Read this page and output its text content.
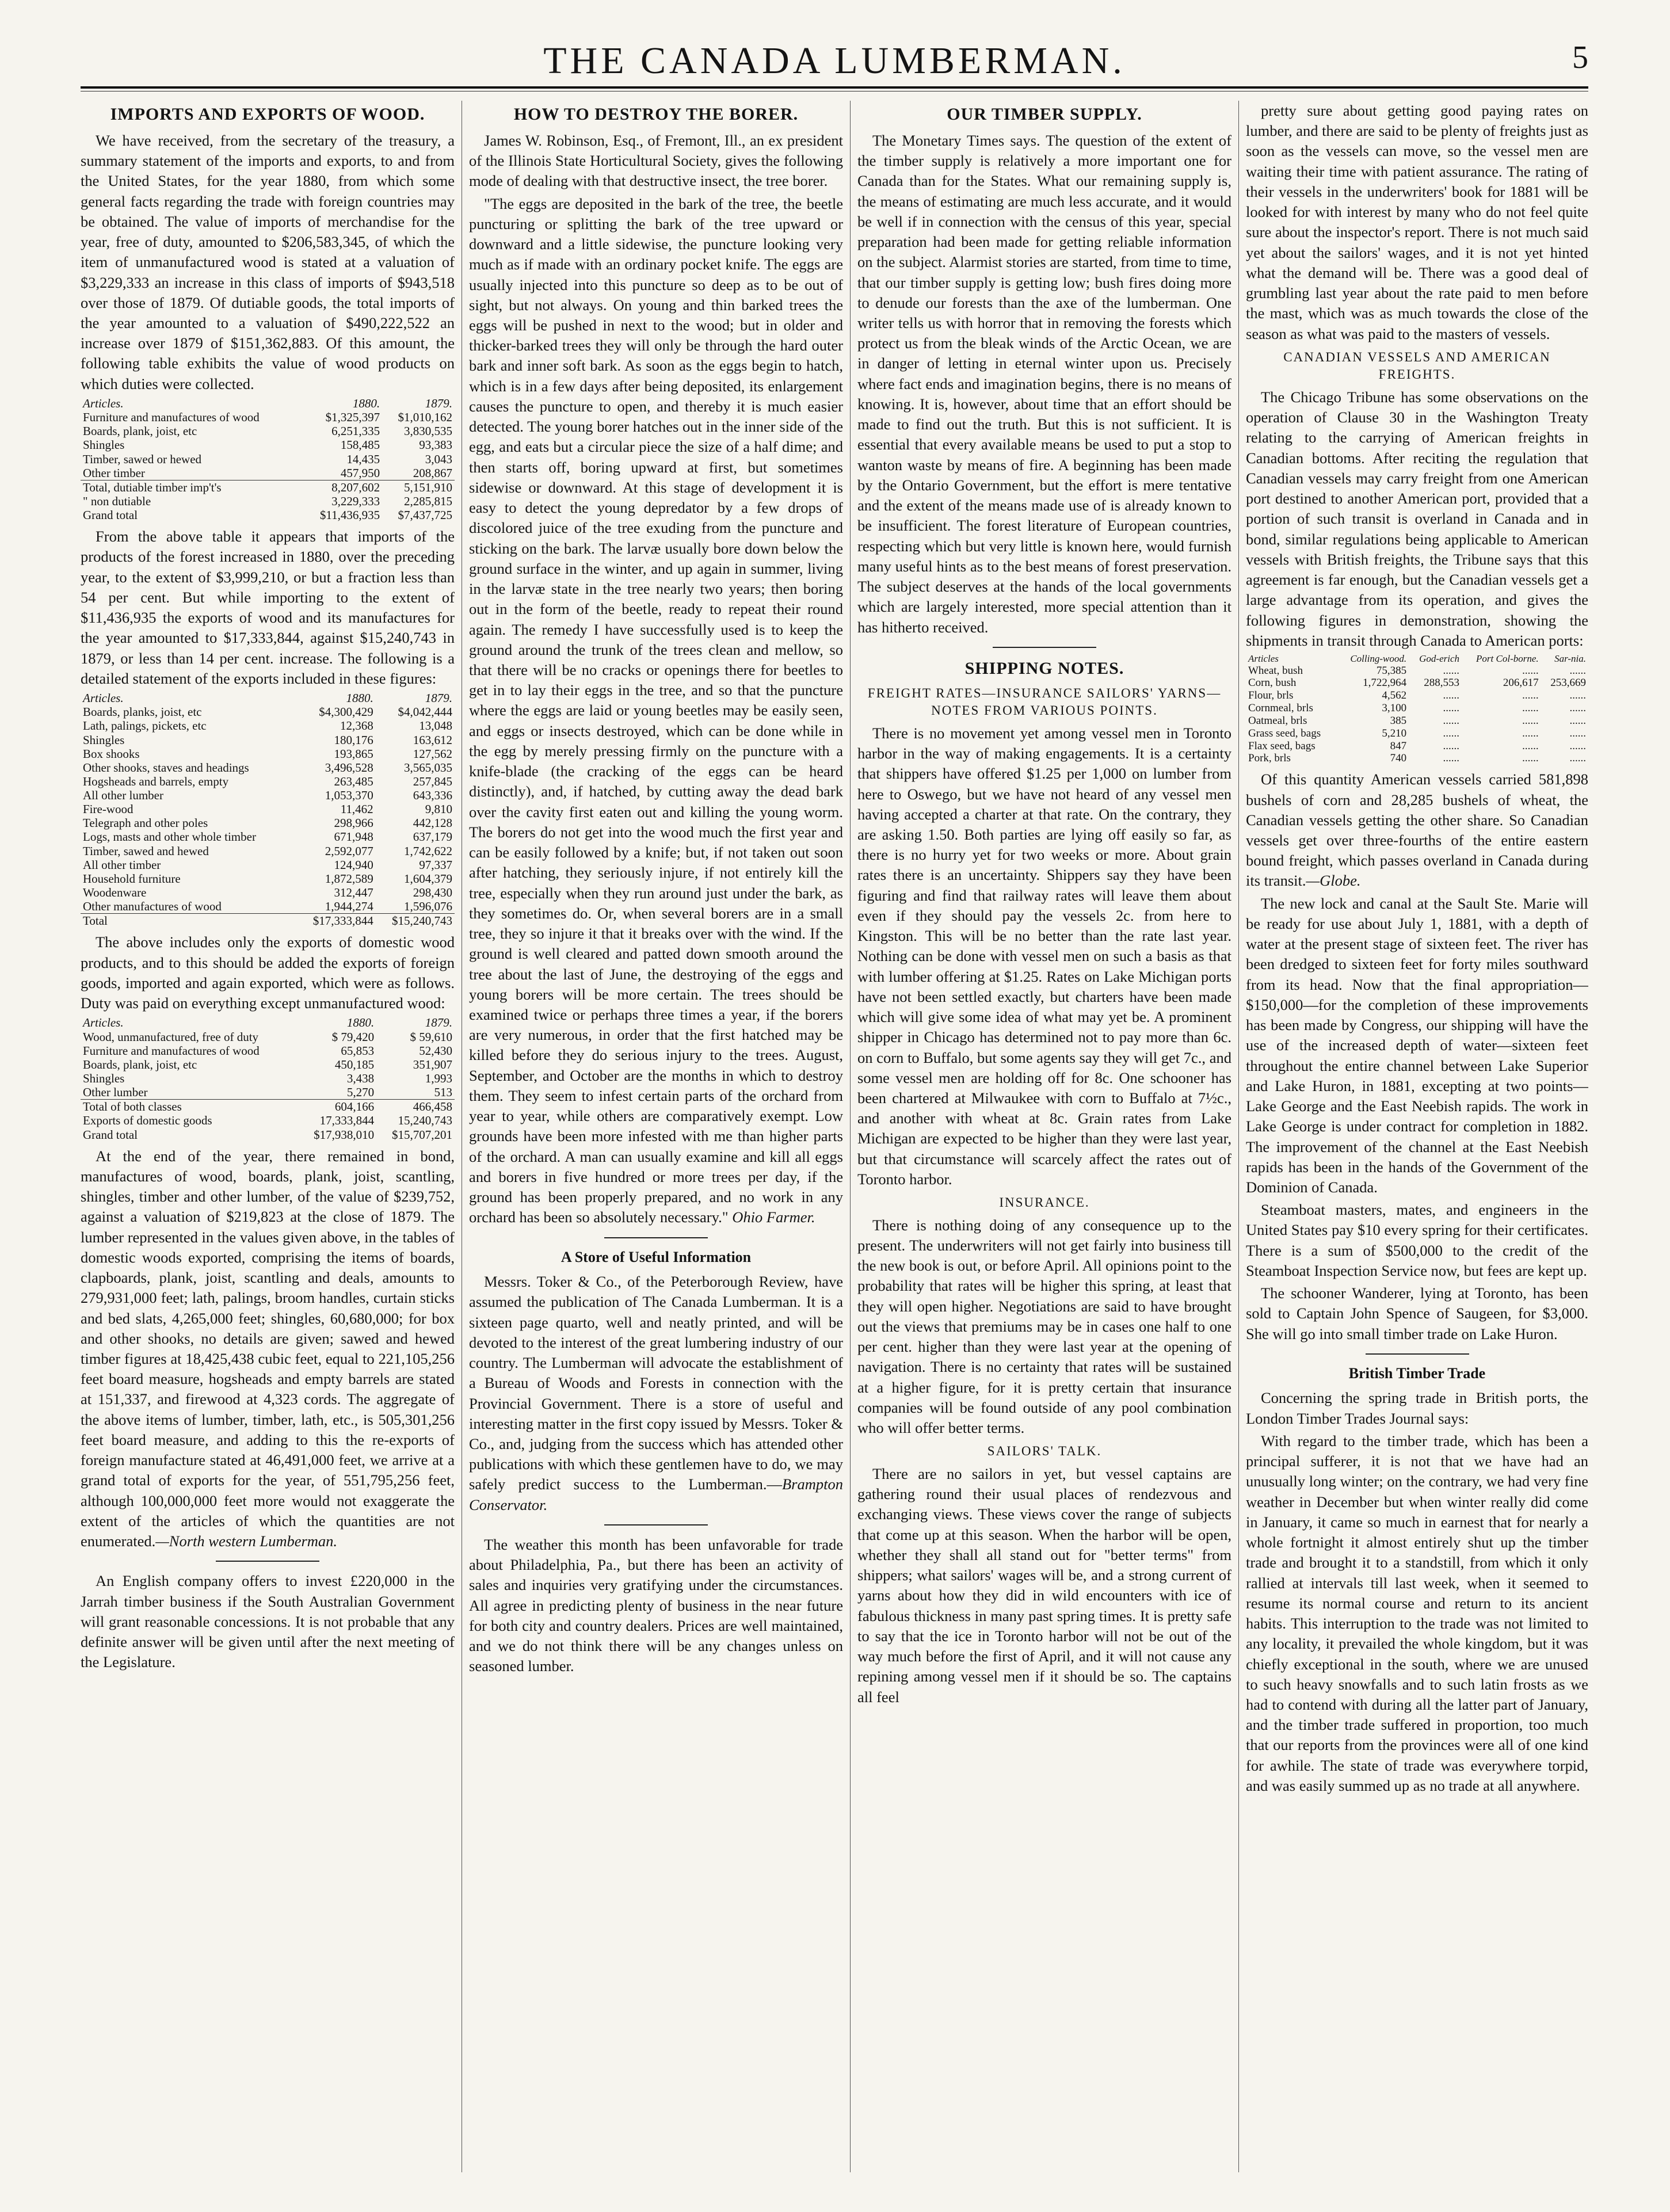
THE CANADA LUMBERMAN.	5
IMPORTS AND EXPORTS OF WOOD.

We have received, from the secretary of the treasury, a summary statement of the imports and exports, to and from the United States, for the year 1880, from which some general facts regarding the trade with foreign countries may be obtained. The value of imports of merchandise for the year, free of duty, amounted to $206,583,345, of which the item of unmanufactured wood is stated at a valuation of $3,229,333 an increase in this class of imports of $943,518 over those of 1879. Of dutiable goods, the total imports of the year amounted to a valuation of $490,222,522 an increase over 1879 of $151,362,883. Of this amount, the following table exhibits the value of wood products on which duties were collected.

Articles.	1880.	1879.
Furniture and manufactures of wood	$1,325,397	$1,010,162
Boards, plank, joist, etc	6,251,335	3,830,535
Shingles	158,485	93,383
Timber, sawed or hewed	14,435	3,043
Other timber	457,950	208,867
Total, dutiable timber imp't's	8,207,602	5,151,910
" non dutiable	3,229,333	2,285,815
Grand total	$11,436,935	$7,437,725

From the above table it appears that imports of the products of the forest increased in 1880, over the preceding year, to the extent of $3,999,210, or but a fraction less than 54 per cent. But while importing to the extent of $11,436,935 the exports of wood and its manufactures for the year amounted to $17,333,844, against $15,240,743 in 1879, or less than 14 per cent. increase. The following is a detailed statement of the exports included in these figures:

Articles.	1880.	1879.
Boards, planks, joist, etc	$4,300,429	$4,042,444
Lath, palings, pickets, etc	12,368	13,048
Shingles	180,176	163,612
Box shooks	193,865	127,562
Other shooks, staves and headings	3,496,528	3,565,035
Hogsheads and barrels, empty	263,485	257,845
All other lumber	1,053,370	643,336
Fire-wood	11,462	9,810
Telegraph and other poles	298,966	442,128
Logs, masts and other whole timber	671,948	637,179
Timber, sawed and hewed	2,592,077	1,742,622
All other timber	124,940	97,337
Household furniture	1,872,589	1,604,379
Woodenware	312,447	298,430
Other manufactures of wood	1,944,274	1,596,076
Total	$17,333,844	$15,240,743

The above includes only the exports of domestic wood products, and to this should be added the exports of foreign goods, imported and again exported, which were as follows. Duty was paid on everything except unmanufactured wood:

Articles.	1880.	1879.
Wood, unmanufactured, free of duty	$ 79,420	$ 59,610
Furniture and manufactures of wood	65,853	52,430
Boards, plank, joist, etc	450,185	351,907
Shingles	3,438	1,993
Other lumber	5,270	513
Total of both classes	604,166	466,458
Exports of domestic goods	17,333,844	15,240,743
Grand total	$17,938,010	$15,707,201

At the end of the year, there remained in bond, manufactures of wood, boards, plank, joist, scantling, shingles, timber and other lumber, of the value of $239,752, against a valuation of $219,823 at the close of 1879. The lumber represented in the values given above, in the tables of domestic woods exported, comprising the items of boards, clapboards, plank, joist, scantling and deals, amounts to 279,931,000 feet; lath, palings, broom handles, curtain sticks and bed slats, 4,265,000 feet; shingles, 60,680,000; for box and other shooks, no details are given; sawed and hewed timber figures at 18,425,438 cubic feet, equal to 221,105,256 feet board measure, hogsheads and empty barrels are stated at 151,337, and firewood at 4,323 cords. The aggregate of the above items of lumber, timber, lath, etc., is 505,301,256 feet board measure, and adding to this the re-exports of foreign manufacture stated at 46,491,000 feet, we arrive at a grand total of exports for the year, of 551,795,256 feet, although 100,000,000 feet more would not exaggerate the extent of the articles of which the quantities are not enumerated.—North western Lumberman.

An English company offers to invest £220,000 in the Jarrah timber business if the South Australian Government will grant reasonable concessions. It is not probable that any definite answer will be given until after the next meeting of the Legislature.

HOW TO DESTROY THE BORER.

James W. Robinson, Esq., of Fremont, Ill., an ex president of the Illinois State Horticultural Society, gives the following mode of dealing with that destructive insect, the tree borer.

"The eggs are deposited in the bark of the tree, the beetle puncturing or splitting the bark of the tree upward or downward and a little sidewise, the puncture looking very much as if made with an ordinary pocket knife. The eggs are usually injected into this puncture so deep as to be out of sight, but not always. On young and thin barked trees the eggs will be pushed in next to the wood; but in older and thicker-barked trees they will only be through the hard outer bark and inner soft bark. As soon as the eggs begin to hatch, which is in a few days after being deposited, its enlargement causes the puncture to open, and thereby it is much easier detected. The young borer hatches out in the inner side of the egg, and eats but a circular piece the size of a half dime; and then starts off, boring upward at first, but sometimes sidewise or downward. At this stage of development it is easy to detect the young depredator by a few drops of discolored juice of the tree exuding from the puncture and sticking on the bark. The larvæ usually bore down below the ground surface in the winter, and up again in summer, living in the larvæ state in the tree nearly two years; then boring out in the form of the beetle, ready to repeat their round again. The remedy I have successfully used is to keep the ground around the trunk of the trees clean and mellow, so that there will be no cracks or openings there for beetles to get in to lay their eggs in the tree, and so that the puncture where the eggs are laid or young beetles may be easily seen, and eggs or insects destroyed, which can be done while in the egg by merely pressing firmly on the puncture with a knife-blade (the cracking of the eggs can be heard distinctly), and, if hatched, by cutting away the dead bark over the cavity first eaten out and killing the young worm. The borers do not get into the wood much the first year and can be easily followed by a knife; but, if not taken out soon after hatching, they seriously injure, if not entirely kill the tree, especially when they run around just under the bark, as they sometimes do. Or, when several borers are in a small tree, they so injure it that it breaks over with the wind. If the ground is well cleared and patted down smooth around the tree about the last of June, the destroying of the eggs and young borers will be more certain. The trees should be examined twice or perhaps three times a year, if the borers are very numerous, in order that the first hatched may be killed before they do serious injury to the trees. August, September, and October are the months in which to destroy them. They seem to infest certain parts of the orchard from year to year, while others are comparatively exempt. Low grounds have been more infested with me than higher parts of the orchard. A man can usually examine and kill all eggs and borers in five hundred or more trees per day, if the ground has been properly prepared, and no work in any orchard has been so absolutely necessary." Ohio Farmer.

A Store of Useful Information

Messrs. Toker & Co., of the Peterborough Review, have assumed the publication of The Canada Lumberman. It is a sixteen page quarto, well and neatly printed, and will be devoted to the interest of the great lumbering industry of our country. The Lumberman will advocate the establishment of a Bureau of Woods and Forests in connection with the Provincial Government. There is a store of useful and interesting matter in the first copy issued by Messrs. Toker & Co., and, judging from the success which has attended other publications with which these gentlemen have to do, we may safely predict success to the Lumberman.—Brampton Conservator.

The weather this month has been unfavorable for trade about Philadelphia, Pa., but there has been an activity of sales and inquiries very gratifying under the circumstances. All agree in predicting plenty of business in the near future for both city and country dealers. Prices are well maintained, and we do not think there will be any changes unless on seasoned lumber.

OUR TIMBER SUPPLY.

The Monetary Times says. The question of the extent of the timber supply is relatively a more important one for Canada than for the States. What our remaining supply is, the means of estimating are much less accurate, and it would be well if in connection with the census of this year, special preparation had been made for getting reliable information on the subject. Alarmist stories are started, from time to time, that our timber supply is getting low; bush fires doing more to denude our forests than the axe of the lumberman. One writer tells us with horror that in removing the forests which protect us from the bleak winds of the Arctic Ocean, we are in danger of letting in eternal winter upon us. Precisely where fact ends and imagination begins, there is no means of knowing. It is, however, about time that an effort should be made to find out the truth. But this is not sufficient. It is essential that every available means be used to put a stop to wanton waste by means of fire. A beginning has been made by the Ontario Government, but the effort is mere tentative and the extent of the means made use of is already known to be insufficient. The forest literature of European countries, respecting which but very little is known here, would furnish many useful hints as to the best means of forest preservation. The subject deserves at the hands of the local governments which are largely interested, more special attention than it has hitherto received.

SHIPPING NOTES.
FREIGHT RATES—INSURANCE SAILORS' YARNS—NOTES FROM VARIOUS POINTS.

There is no movement yet among vessel men in Toronto harbor in the way of making engagements. It is a certainty that shippers have offered $1.25 per 1,000 on lumber from here to Oswego, but we have not heard of any vessel men having accepted a charter at that rate. On the contrary, they are asking 1.50. Both parties are lying off easily so far, as there is no hurry yet for two weeks or more. About grain rates there is an uncertainty. Shippers say they have been figuring and find that railway rates will leave them about even if they should pay the vessels 2c. from here to Kingston. This will be no better than the rate last year. Nothing can be done with vessel men on such a basis as that with lumber offering at $1.25. Rates on Lake Michigan ports have not been settled exactly, but charters have been made which will give some idea of what may yet be. A prominent shipper in Chicago has determined not to pay more than 6c. on corn to Buffalo, but some agents say they will get 7c., and some vessel men are holding off for 8c. One schooner has been chartered at Milwaukee with corn to Buffalo at 7½c., and another with wheat at 8c. Grain rates from Lake Michigan are expected to be higher than they were last year, but that circumstance will scarcely affect the rates out of Toronto harbor.

INSURANCE.

There is nothing doing of any consequence up to the present. The underwriters will not get fairly into business till the new book is out, or before April. All opinions point to the probability that rates will be higher this spring, at least that they will open higher. Negotiations are said to have brought out the views that premiums may be in cases one half to one per cent. higher than they were last year at the opening of navigation. There is no certainty that rates will be sustained at a higher figure, for it is pretty certain that insurance companies will be found outside of any pool combination who will offer better terms.

SAILORS' TALK.

There are no sailors in yet, but vessel captains are gathering round their usual places of rendezvous and exchanging views. These views cover the range of subjects that come up at this season. When the harbor will be open, whether they shall all stand out for "better terms" from shippers; what sailors' wages will be, and a strong current of yarns about how they did in wild encounters with ice of fabulous thickness in many past spring times. It is pretty safe to say that the ice in Toronto harbor will not be out of the way much before the first of April, and it will not cause any repining among vessel men if it should be so. The captains all feel

pretty sure about getting good paying rates on lumber, and there are said to be plenty of freights just as soon as the vessels can move, so the vessel men are waiting their time with patient assurance. The rating of their vessels in the underwriters' book for 1881 will be looked for with interest by many who do not feel quite sure about the inspector's report. There is not much said yet about the sailors' wages, and it is not yet hinted what the demand will be. There was a good deal of grumbling last year about the rate paid to men before the mast, which was as much towards the close of the season as what was paid to the masters of vessels.

CANADIAN VESSELS AND AMERICAN FREIGHTS.

The Chicago Tribune has some observations on the operation of Clause 30 in the Washington Treaty relating to the carrying of American freights in Canadian bottoms. After reciting the regulation that Canadian vessels may carry freight from one American port destined to another American port, provided that a portion of such transit is overland in Canada and in bond, similar regulations being applicable to American vessels with British freights, the Tribune says that this agreement is far enough, but the Canadian vessels get a large advantage from its operation, and gives the following figures in demonstration, showing the shipments in transit through Canada to American ports:

Articles	Colling-wood.	God-erich	Port Col-borne.	Sar-nia.
Wheat, bush	75,385	......	......	......
Corn, bush	1,722,964	288,553	206,617	253,669
Flour, brls	4,562	......	......	......
Cornmeal, brls	3,100	......	......	......
Oatmeal, brls	385	......	......	......
Grass seed, bags	5,210	......	......	......
Flax seed, bags	847	......	......	......
Pork, brls	740	......	......	......

Of this quantity American vessels carried 581,898 bushels of corn and 28,285 bushels of wheat, the Canadian vessels getting the other share. So Canadian vessels get over three-fourths of the entire eastern bound freight, which passes overland in Canada during its transit.—Globe.

The new lock and canal at the Sault Ste. Marie will be ready for use about July 1, 1881, with a depth of water at the present stage of sixteen feet. The river has been dredged to sixteen feet for forty miles southward from its head. Now that the final appropriation—$150,000—for the completion of these improvements has been made by Congress, our shipping will have the use of the increased depth of water—sixteen feet throughout the entire channel between Lake Superior and Lake Huron, in 1881, excepting at two points—Lake George and the East Neebish rapids. The work in Lake George is under contract for completion in 1882. The improvement of the channel at the East Neebish rapids has been in the hands of the Government of the Dominion of Canada.

Steamboat masters, mates, and engineers in the United States pay $10 every spring for their certificates. There is a sum of $500,000 to the credit of the Steamboat Inspection Service now, but fees are kept up.

The schooner Wanderer, lying at Toronto, has been sold to Captain John Spence of Saugeen, for $3,000. She will go into small timber trade on Lake Huron.

British Timber Trade

Concerning the spring trade in British ports, the London Timber Trades Journal says:

With regard to the timber trade, which has been a principal sufferer, it is not that we have had an unusually long winter; on the contrary, we had very fine weather in December but when winter really did come in January, it came so much in earnest that for nearly a whole fortnight it almost entirely shut up the timber trade and brought it to a standstill, from which it only rallied at intervals till last week, when it seemed to resume its normal course and return to its ancient habits. This interruption to the trade was not limited to any locality, it prevailed the whole kingdom, but it was chiefly exceptional in the south, where we are unused to such heavy snowfalls and to such latin frosts as we had to contend with during all the latter part of January, and the timber trade suffered in proportion, too much that our reports from the provinces were all of one kind for awhile. The state of trade was everywhere torpid, and was easily summed up as no trade at all anywhere.
